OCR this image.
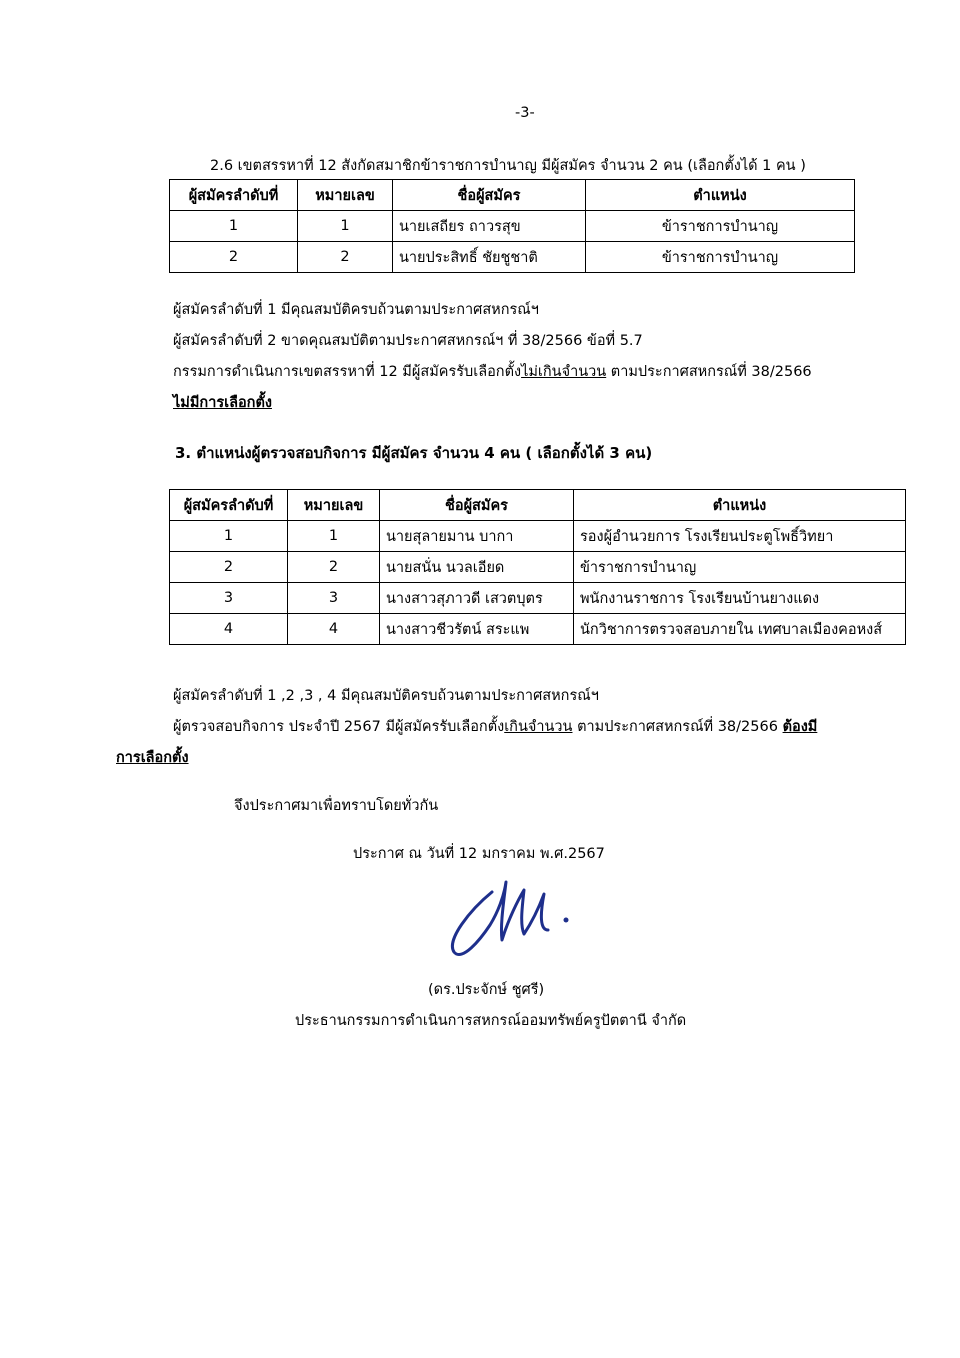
-3-
2.6 เขตสรรหาที่ 12 สังกัดสมาชิกข้าราชการบำนาญ มีผู้สมัคร จำนวน 2 คน (เลือกตั้งได้ 1 คน )
ผู้สมัครลำดับที่	หมายเลข	ชื่อผู้สมัคร	ตำแหน่ง
1	1	นายเสถียร ถาวรสุข	ข้าราชการบำนาญ
2	2	นายประสิทธิ์ ชัยชูชาติ	ข้าราชการบำนาญ
ผู้สมัครลำดับที่ 1 มีคุณสมบัติครบถ้วนตามประกาศสหกรณ์ฯ
ผู้สมัครลำดับที่ 2 ขาดคุณสมบัติตามประกาศสหกรณ์ฯ ที่ 38/2566 ข้อที่ 5.7
กรรมการดำเนินการเขตสรรหาที่ 12 มีผู้สมัครรับเลือกตั้งไม่เกินจำนวน ตามประกาศสหกรณ์ที่ 38/2566
ไม่มีการเลือกตั้ง
3. ตำแหน่งผู้ตรวจสอบกิจการ มีผู้สมัคร จำนวน 4 คน ( เลือกตั้งได้ 3 คน)
ผู้สมัครลำดับที่	หมายเลข	ชื่อผู้สมัคร	ตำแหน่ง
1	1	นายสุลายมาน บากา	รองผู้อำนวยการ โรงเรียนประตูโพธิ์วิทยา
2	2	นายสนั่น นวลเอียด	ข้าราชการบำนาญ
3	3	นางสาวสุภาวดี เสวตบุตร	พนักงานราชการ โรงเรียนบ้านยางแดง
4	4	นางสาวชีวรัตน์ สระแพ	นักวิชาการตรวจสอบภายใน เทศบาลเมืองคอหงส์
ผู้สมัครลำดับที่ 1 ,2 ,3 , 4 มีคุณสมบัติครบถ้วนตามประกาศสหกรณ์ฯ
ผู้ตรวจสอบกิจการ ประจำปี 2567 มีผู้สมัครรับเลือกตั้งเกินจำนวน ตามประกาศสหกรณ์ที่ 38/2566 ต้องมี
การเลือกตั้ง
จึงประกาศมาเพื่อทราบโดยทั่วกัน
ประกาศ ณ วันที่ 12 มกราคม พ.ศ.2567
(ดร.ประจักษ์ ชูศรี)
ประธานกรรมการดำเนินการสหกรณ์ออมทรัพย์ครูปัตตานี จำกัด
